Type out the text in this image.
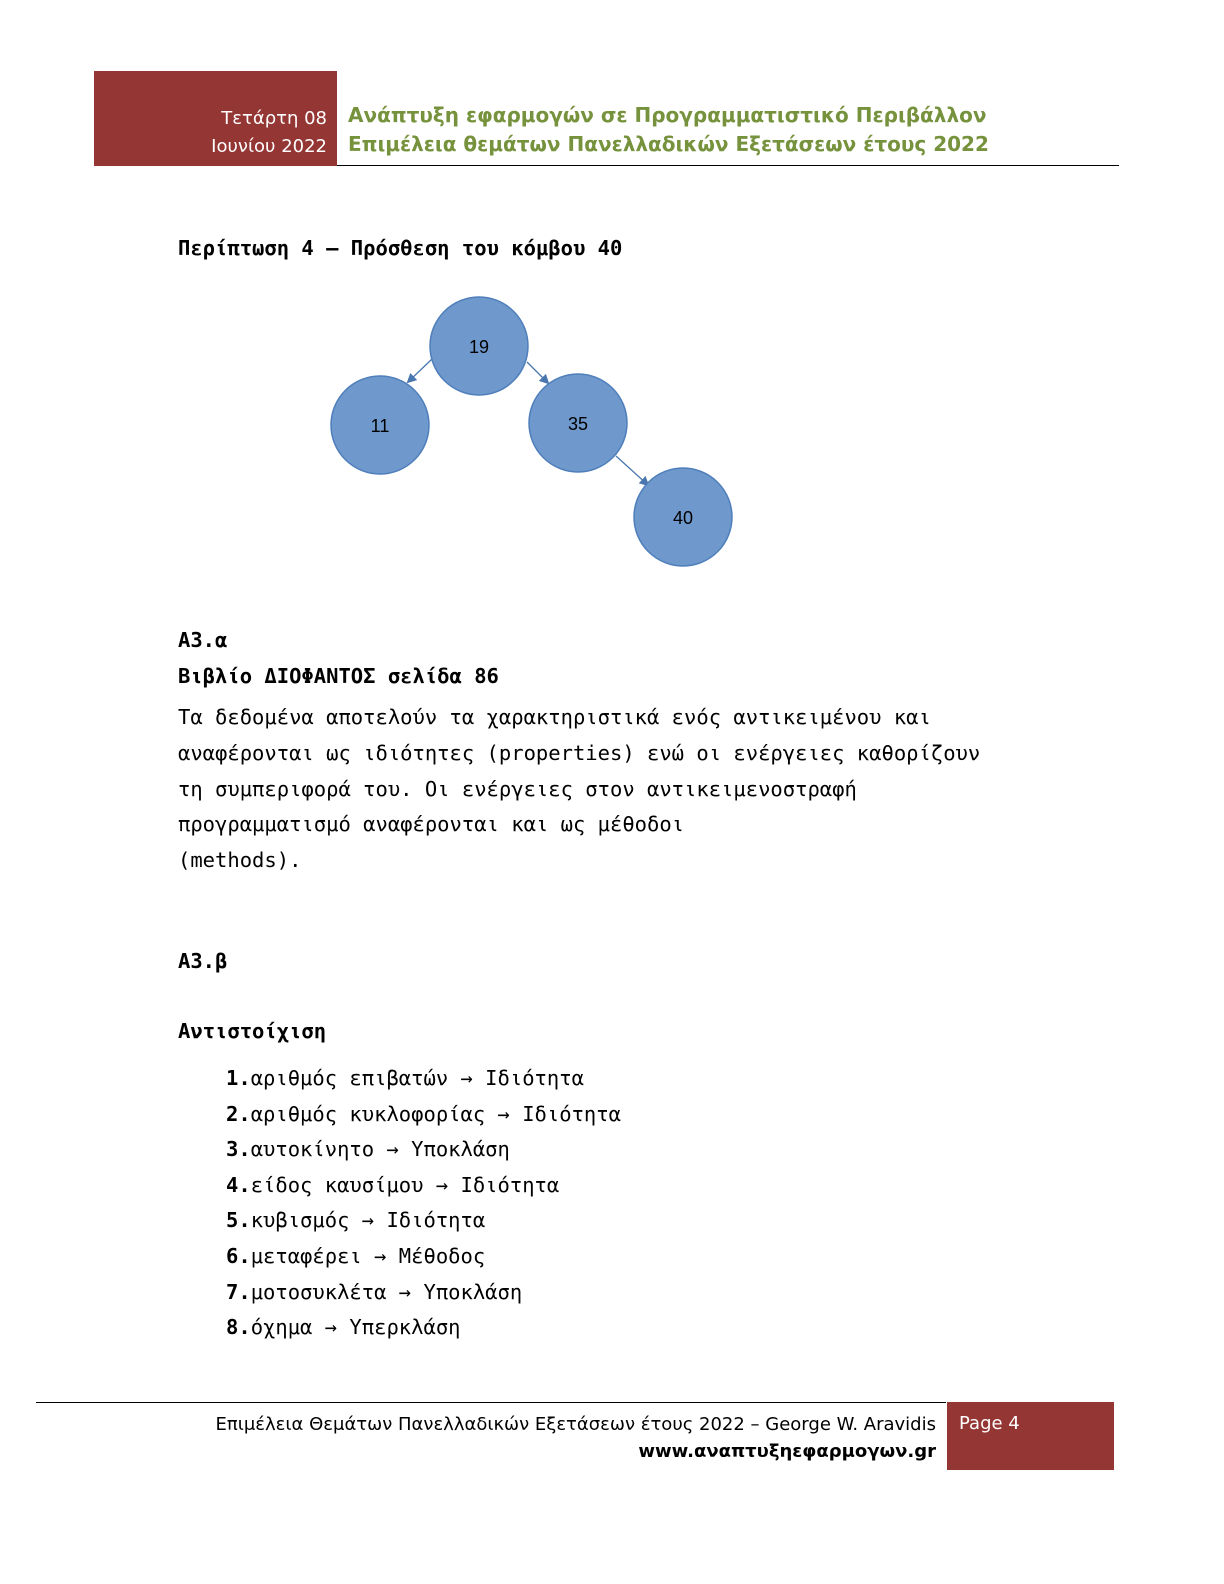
Τετάρτη 08
Ιουνίου 2022
Ανάπτυξη εφαρμογών σε Προγραμματιστικό Περιβάλλον
Επιμέλεια θεμάτων Πανελλαδικών Εξετάσεων έτους 2022
Περίπτωση 4 – Πρόσθεση του κόμβου 40
19
11	35
40
Α3.α
Βιβλίο ΔΙΟΦΑΝΤΟΣ σελίδα 86
Τα δεδομένα αποτελούν τα χαρακτηριστικά ενός αντικειμένου και
αναφέρονται ως ιδιότητες (properties) ενώ οι ενέργειες καθορίζουν
τη συμπεριφορά του. Οι ενέργειες στον αντικειμενοστραφή
προγραμματισμό αναφέρονται και ως μέθοδοι
(methods).
Α3.β
Αντιστοίχιση
1.αριθμός επιβατών → Ιδιότητα
2.αριθμός κυκλοφορίας → Ιδιότητα
3.αυτοκίνητο → Υποκλάση
4.είδος καυσίμου → Ιδιότητα
5.κυβισμός → Ιδιότητα
6.μεταφέρει → Μέθοδος
7.μοτοσυκλέτα → Υποκλάση
8.όχημα → Υπερκλάση
Επιμέλεια Θεμάτων Πανελλαδικών Εξετάσεων έτους 2022 – George W. Aravidis
www.αναπτυξηεφαρμογων.gr
Page 4
